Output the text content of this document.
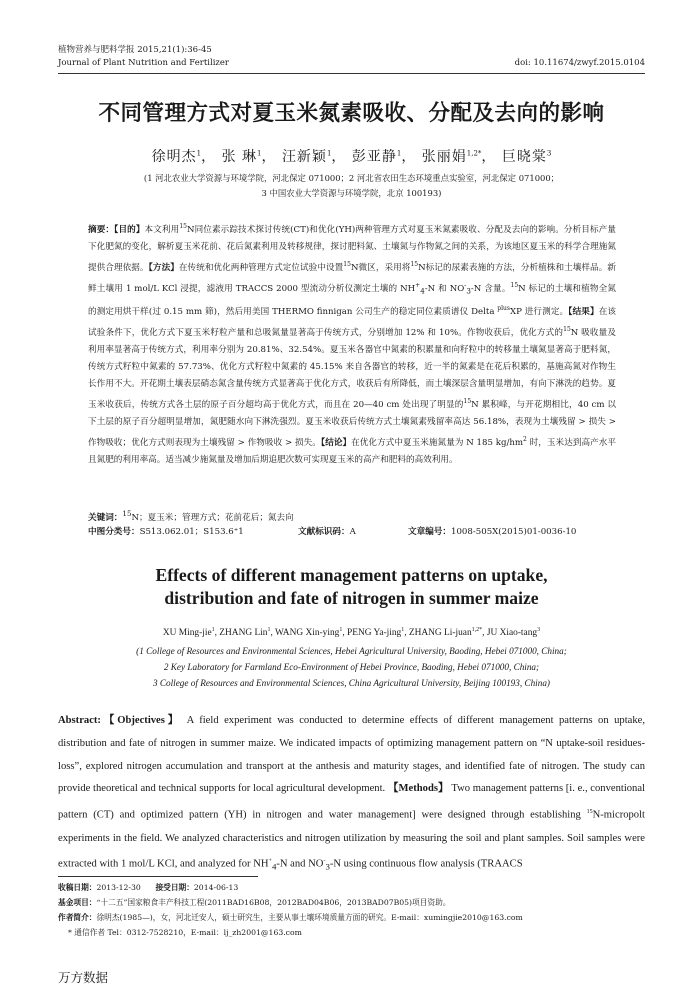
植物营养与肥料学报 2015,21(1):36-45
Journal of Plant Nutrition and Fertilizer	doi: 10.11674/zwyf.2015.0104
不同管理方式对夏玉米氮素吸收、分配及去向的影响
徐明杰$^1$， 张 琳$^1$， 汪新颖$^1$， 彭亚静$^1$， 张丽娟$^{1,2*}$， 巨晓棠$^3$
(1 河北农业大学资源与环境学院，河北保定 071000；2 河北省农田生态环境重点实验室，河北保定 071000；
3 中国农业大学资源与环境学院，北京 100193)
摘要：【目的】本文利用$^{15}$N同位素示踪技术探讨传统(CT)和优化(YH)两种管理方式对夏玉米氮素吸收、分配及去向的影响。分析目标产量下化肥氮的变化，解析夏玉米花前、花后氮素利用及转移规律，探讨肥料氮、土壤氮与作物氮之间的关系，为该地区夏玉米的科学合理施氮提供合理依据。【方法】在传统和优化两种管理方式定位试验中设置$^{15}$N微区，采用将$^{15}$N标记的尿素表施的方法，分析植株和土壤样品。新鲜土壤用 1 mol/L KCl 浸提，滤液用 TRACCS 2000 型流动分析仪测定土壤的 $NH^+_4-N$ 和 $NO^-_3-N$ 含量。$^{15}$N 标记的土壤和植物全氮的测定用烘干样(过 0.15 mm 筛)，然后用美国 THERMO finnigan 公司生产的稳定同位素质谱仪 Delta $^{plus}$XP 进行测定。【结果】在该试验条件下，优化方式下夏玉米籽粒产量和总吸氮量显著高于传统方式，分别增加 12% 和 10%。作物收获后，优化方式的$^{15}$N 吸收量及利用率显著高于传统方式，利用率分别为 20.81%、32.54%。夏玉米各器官中氮素的积累量和向籽粒中的转移量土壤氮显著高于肥料氮，传统方式籽粒中氮素的 57.73%、优化方式籽粒中氮素的 45.15% 来自各器官的转移，近一半的氮素是在花后积累的，基施高氮对作物生长作用不大。开花期土壤表层硝态氮含量传统方式显著高于优化方式，收获后有所降低，而土壤深层含量明显增加，有向下淋洗的趋势。夏玉米收获后，传统方式各土层的原子百分超均高于优化方式，而且在 20—40 cm 处出现了明显的$^{15}$N 累积峰，与开花期相比，40 cm 以下土层的原子百分超明显增加，氮肥随水向下淋洗强烈。夏玉米收获后传统方式土壤氮素残留率高达 56.18%，表现为土壤残留 > 损失 > 作物吸收；优化方式则表现为土壤残留 > 作物吸收 > 损失。【结论】在优化方式中夏玉米施氮量为 N 185 $kg/hm^2$ 时，玉米达到高产水平且氮肥的利用率高。适当减少施氮量及增加后期追肥次数可实现夏玉米的高产和肥料的高效利用。
关键词：$^{15}$N；夏玉米；管理方式；花前花后；氮去向
中图分类号：S513.062.01；S153.6⁺1	文献标识码：A	文章编号：1008-505X(2015)01-0036-10
Effects of different management patterns on uptake,
distribution and fate of nitrogen in summer maize
XU Ming-jie$^1$, ZHANG Lin$^1$, WANG Xin-ying$^1$, PENG Ya-jing$^1$, ZHANG Li-juan$^{1,2*}$, JU Xiao-tang$^3$
(1 College of Resources and Environmental Sciences, Hebei Agricultural University, Baoding, Hebei 071000, China;
2 Key Laboratory for Farmland Eco-Environment of Hebei Province, Baoding, Hebei 071000, China;
3 College of Resources and Environmental Sciences, China Agricultural University, Beijing 100193, China)
Abstract:【Objectives】 A field experiment was conducted to determine effects of different management patterns on uptake, distribution and fate of nitrogen in summer maize. We indicated impacts of optimizing management pattern on “N uptake-soil residues-loss”, explored nitrogen accumulation and transport at the anthesis and maturity stages, and identified fate of nitrogen. The study can provide theoretical and technical supports for local agricultural development. 【Methods】 Two management patterns [i. e., conventional pattern (CT) and optimized pattern (YH) in nitrogen and water management] were designed through establishing $^{15}$N-micropolt experiments in the field. We analyzed characteristics and nitrogen utilization by measuring the soil and plant samples. Soil samples were extracted with 1 mol/L KCl, and analyzed for $NH^+_4-N$ and $NO^-_3-N$ using continuous flow analysis (TRAACS
收稿日期：2013-12-30 接受日期：2014-06-13
基金项目：“十二五”国家粮食丰产科技工程(2011BAD16B08，2012BAD04B06，2013BAD07B05)项目资助。
作者简介：徐明杰(1985—)，女，河北迁安人，硕士研究生，主要从事土壤环境质量方面的研究。E-mail：xumingjie2010@163.com
* 通信作者 Tel：0312-7528210，E-mail：lj_zh2001@163.com
万方数据
